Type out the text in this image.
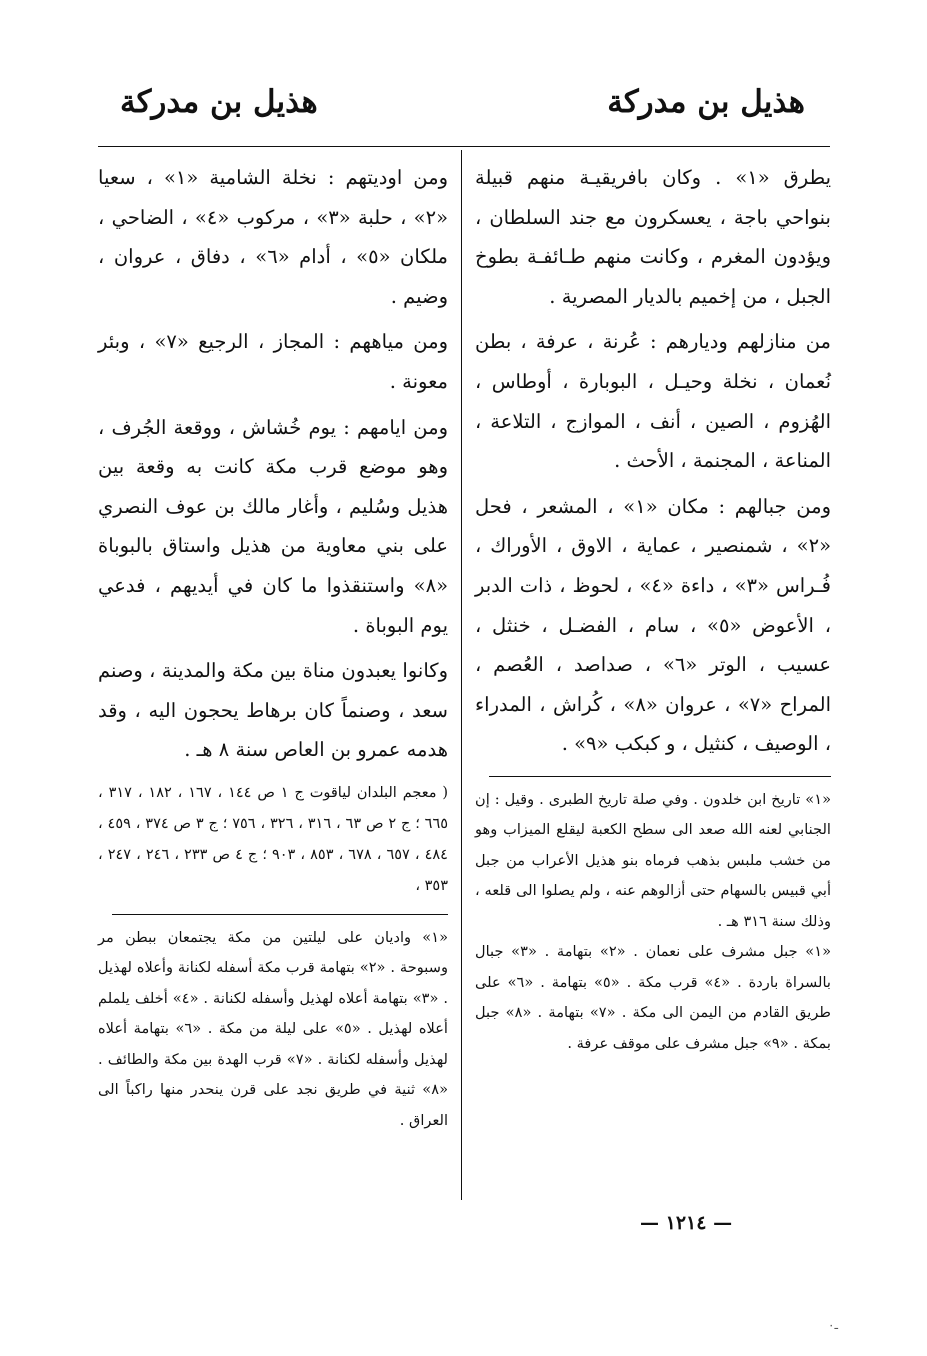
هذيل بن مدركة
هذيل بن مدركة

يطرق «١» . وكان بافريقيـة منهم قبيلة بنواحي باجة ، يعسكرون مع جند السلطان ، ويؤدون المغرم ، وكانت منهم طـائفـة بطوخ الجبل ، من إخميم بالديار المصرية .

من منازلهم وديارهم : عُرنة ، عرفة ، بطن نُعمان ، نخلة وحيـل ، البوبارة ، أوطاس ، الهُزوم ، الصين ، أنف ، الموازج ، التلاعة ، المناعة ، المجنمة ، الأحث .

ومن جبالهم : مكان «١» ، المشعر ، فحل «٢» ، شمنصير ، عماية ، الاوق ، الأوراك ، فُـراس «٣» ، داءة «٤» ، لحوظ ، ذات الدبر ، الأعوض «٥» ، سام ، الفضـل ، خنثل ، عسيب ، الوتر «٦» ، صداصد ، العُصم ، المراح «٧» ، عروان «٨» ، كُراش ، المدراء ، الوصيف ، كنثيل ، و كبكب «٩» .

«١» تاريخ ابن خلدون . وفي صلة تاريخ الطبرى . وقيل : إن الجنابي لعنه الله صعد الى سطح الكعبة ليقلع الميزاب وهو من خشب ملبس بذهب فرماه بنو هذيل الأعراب من جبل أبي قبيس بالسهام حتى أزالوهم عنه ، ولم يصلوا الى قلعه ، وذلك سنة ٣١٦ هـ .

«١» جبل مشرف على نعمان . «٢» بتهامة . «٣» جبال بالسراة باردة . «٤» قرب مكة . «٥» بتهامة . «٦» على طريق القادم من اليمن الى مكة . «٧» بتهامة . «٨» جبل بمكة . «٩» جبل مشرف على موقف عرفة .

ومن اوديتهم : نخلة الشامية «١» ، سعيا «٢» ، حلبة «٣» ، مركوب «٤» ، الضاحي ، ملكان «٥» ، أدام «٦» ، دفاق ، عروان ، وضيم .

ومن مياههم : المجاز ، الرجيع «٧» ، وبئر معونة .

ومن ايامهم : يوم خُشاش ، ووقعة الجُرف ، وهو موضع قرب مكة كانت به وقعة بين هذيل وسُليم ، وأغار مالك بن عوف النصري على بني معاوية من هذيل واستاق بالبوباة «٨» واستنقذوا ما كان في أيديهم ، فدعي يوم البوباة .

وكانوا يعبدون مناة بين مكة والمدينة ، وصنم سعد ، وصنماً كان برهاط يحجون اليه ، وقد هدمه عمرو بن العاص سنة ٨ هـ .

( معجم البلدان لياقوت ج ١ ص ١٤٤ ، ١٦٧ ، ١٨٢ ، ٣١٧ ، ٦٦٥ ؛ ج ٢ ص ٦٣ ، ٣١٦ ، ٣٢٦ ، ٧٥٦ ؛ ج ٣ ص ٣٧٤ ، ٤٥٩ ، ٤٨٤ ، ٦٥٧ ، ٦٧٨ ، ٨٥٣ ، ٩٠٣ ؛ ج ٤ ص ٢٣٣ ، ٢٤٦ ، ٢٤٧ ، ٣٥٣ ،
«١» واديان على ليلتين من مكة يجتمعان ببطن مر وسبوحة . «٢» بتهامة قرب مكة أسفله لكنانة وأعلاه لهذيل . «٣» بتهامة أعلاه لهذيل وأسفله لكنانة . «٤» أخلف يلملم أعلاه لهذيل . «٥» على ليلة من مكة . «٦» بتهامة أعلاه لهذيل وأسفله لكنانة . «٧» قرب الهدة بين مكة والطائف . «٨» ثنية في طريق نجد على قرن ينحدر منها راكباً الى العراق .
— ١٢١٤ —
ـ٠
